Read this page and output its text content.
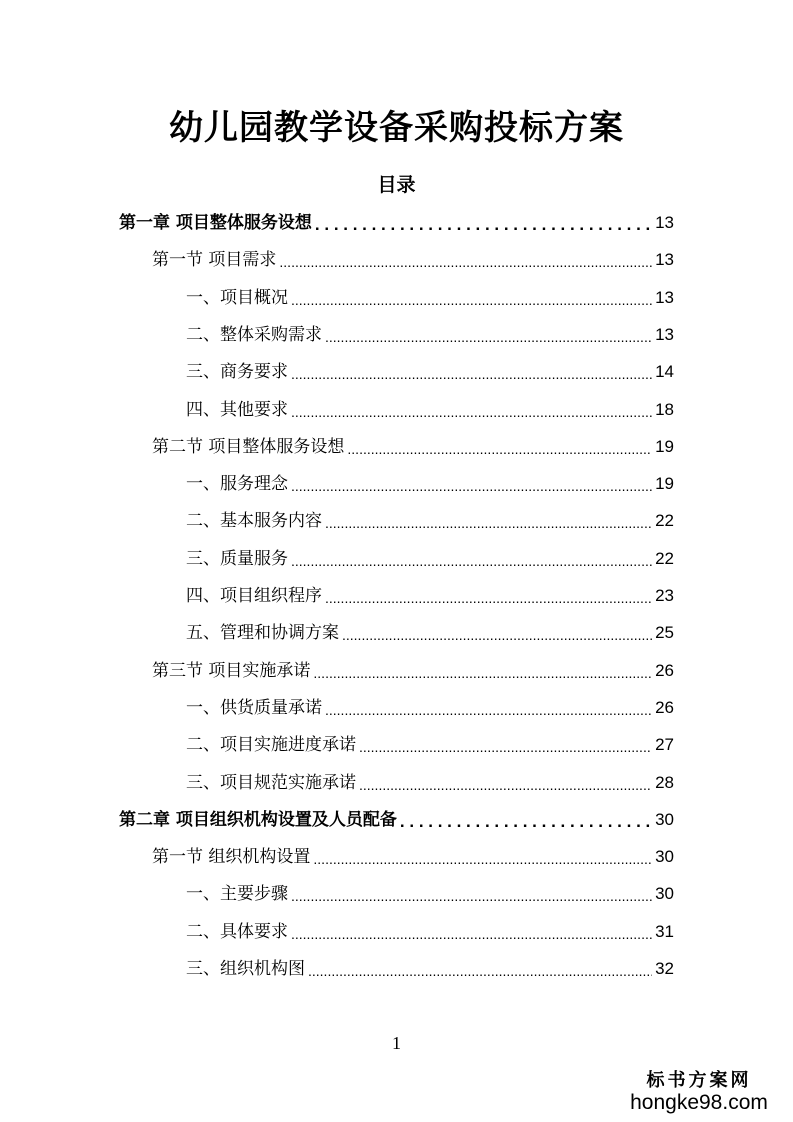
幼儿园教学设备采购投标方案
目录
第一章 项目整体服务设想 . . .	13
第一节 项目需求 .....	13
一、项目概况 .....	13
二、整体采购需求 .....	13
三、商务要求 .....	14
四、其他要求 .....	18
第二节 项目整体服务设想 .....	19
一、服务理念 .....	19
二、基本服务内容 .....	22
三、质量服务 .....	22
四、项目组织程序 .....	23
五、管理和协调方案 .....	25
第三节 项目实施承诺 .....	26
一、供货质量承诺 .....	26
二、项目实施进度承诺 .....	27
三、项目规范实施承诺 .....	28
第二章 项目组织机构设置及人员配备 . . .	30
第一节 组织机构设置 .....	30
一、主要步骤 .....	30
二、具体要求 .....	31
三、组织机构图 .....	32
1
标书方案网
hongke98.com
